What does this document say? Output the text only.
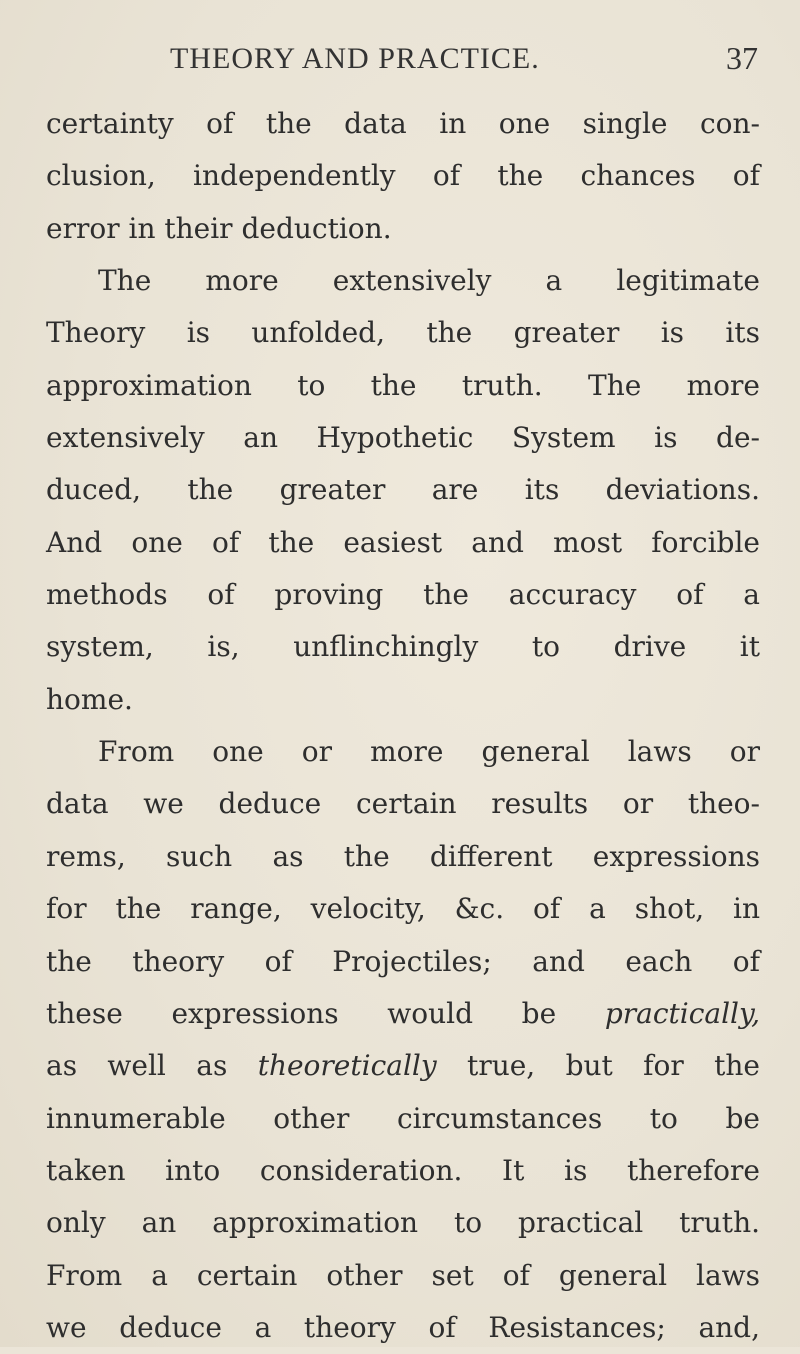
THEORY AND PRACTICE.	37
certainty of the data in one single con-
clusion, independently of the chances of
error in their deduction.
The more extensively a legitimate
Theory is unfolded, the greater is its
approximation to the truth. The more
extensively an Hypothetic System is de-
duced, the greater are its deviations.
And one of the easiest and most forcible
methods of proving the accuracy of a
system, is, unflinchingly to drive it
home.
From one or more general laws or
data we deduce certain results or theo-
rems, such as the different expressions
for the range, velocity, &c. of a shot, in
the theory of Projectiles; and each of
these expressions would be practically,
as well as theoretically true, but for the
innumerable other circumstances to be
taken into consideration. It is therefore
only an approximation to practical truth.
From a certain other set of general laws
we deduce a theory of Resistances; and,
